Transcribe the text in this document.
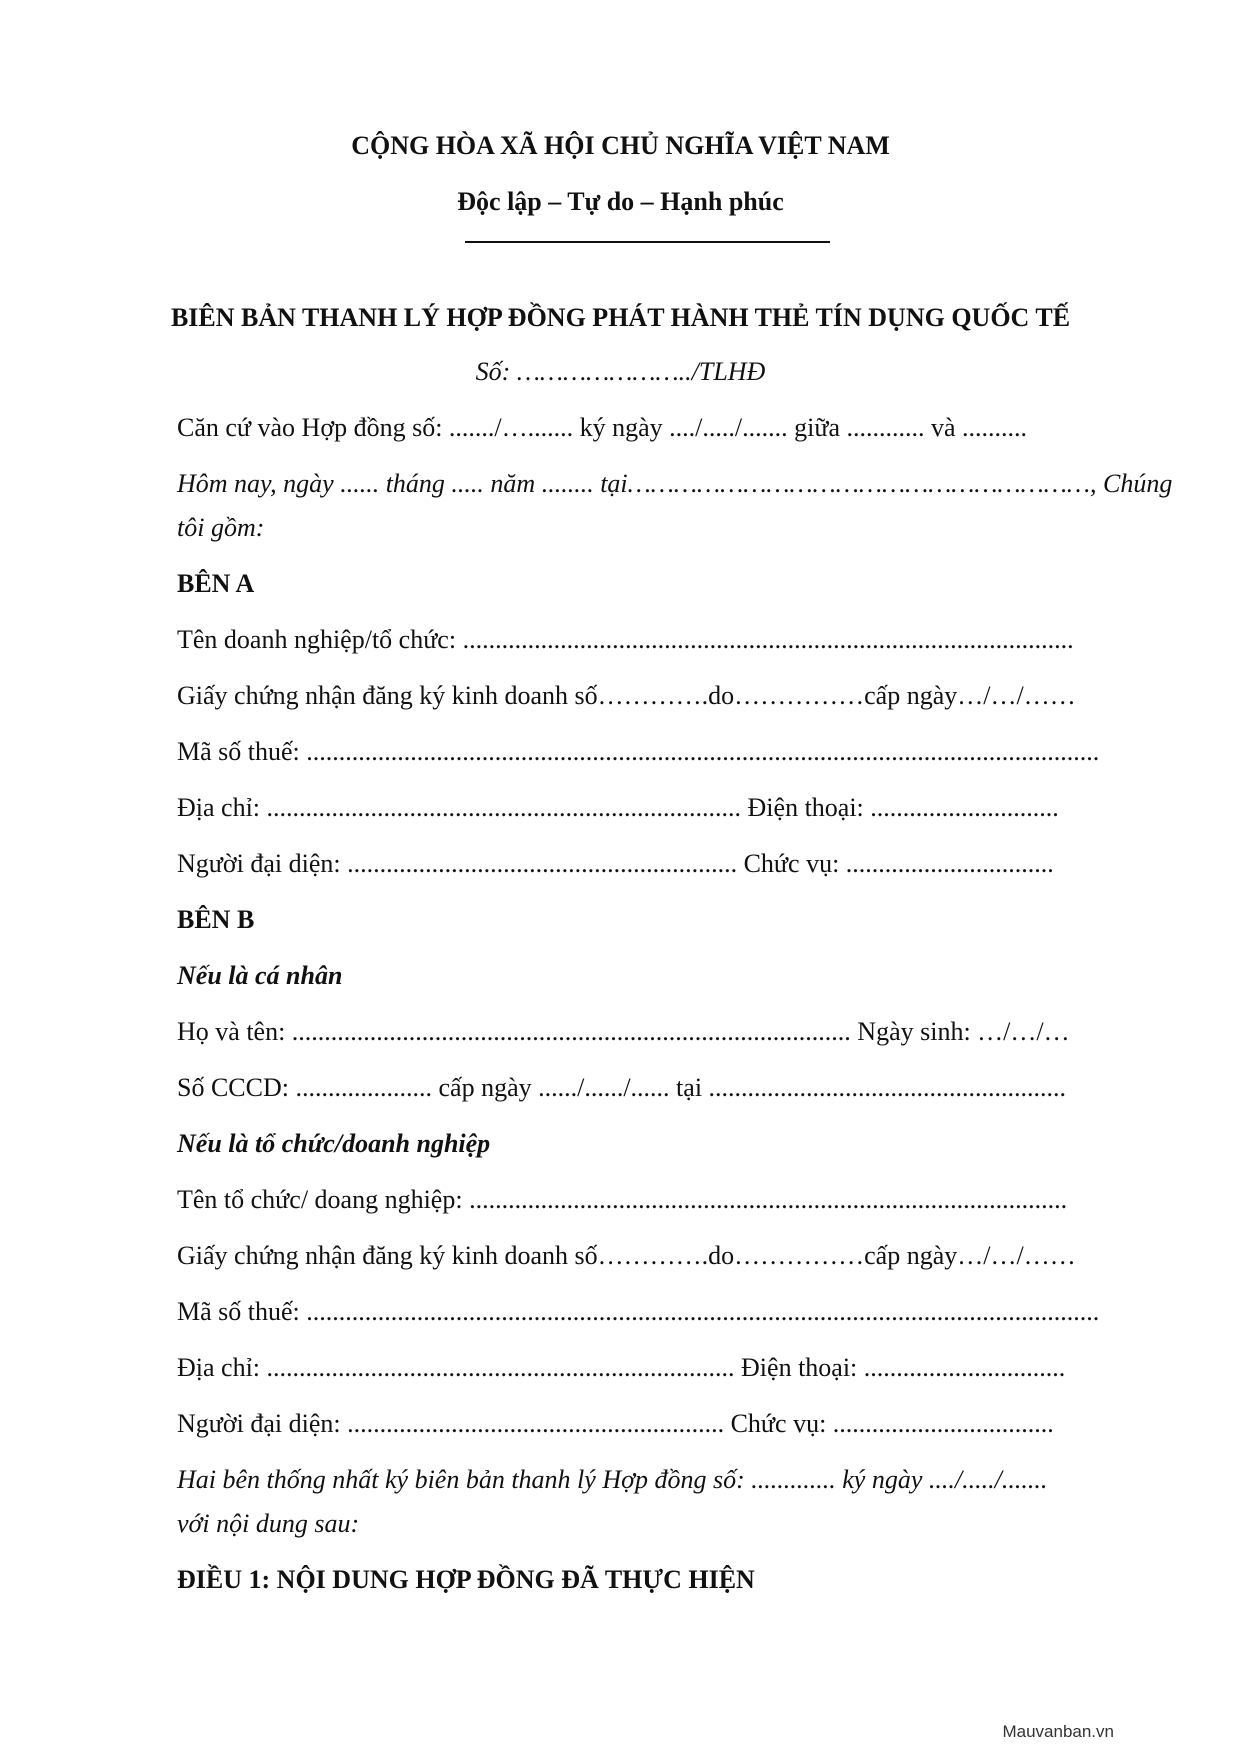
CỘNG HÒA XÃ HỘI CHỦ NGHĨA VIỆT NAM
Độc lập – Tự do – Hạnh phúc
BIÊN BẢN THANH LÝ HỢP ĐỒNG PHÁT HÀNH THẺ TÍN DỤNG QUỐC TẾ
Số: …………………../TLHĐ
Căn cứ vào Hợp đồng số: ......./…....... ký ngày ..../...../....... giữa ............ và ..........
Hôm nay, ngày ...... tháng ..... năm ........ tại ……………………………………………………, Chúng
tôi gồm:
BÊN A
Tên doanh nghiệp/tổ chức: ..............................................................................................
Giấy chứng nhận đăng ký kinh doanh số………….do……………cấp ngày…/…/……
Mã số thuế: ..........................................................................................................................
Địa chỉ: ......................................................................... Điện thoại: .............................
Người đại diện: ............................................................ Chức vụ: ................................
BÊN B
Nếu là cá nhân
Họ và tên: ...................................................................................... Ngày sinh: …/…/…
Số CCCD: ..................... cấp ngày ....../....../...... tại .......................................................
Nếu là tổ chức/doanh nghiệp
Tên tổ chức/ doang nghiệp: ............................................................................................
Giấy chứng nhận đăng ký kinh doanh số………….do……………cấp ngày…/…/……
Mã số thuế: ..........................................................................................................................
Địa chỉ: ........................................................................ Điện thoại: ...............................
Người đại diện: .......................................................... Chức vụ: ..................................
Hai bên thống nhất ký biên bản thanh lý Hợp đồng số: ............. ký ngày ..../...../.......
với nội dung sau:
ĐIỀU 1: NỘI DUNG HỢP ĐỒNG ĐÃ THỰC HIỆN
Mauvanban.vn
